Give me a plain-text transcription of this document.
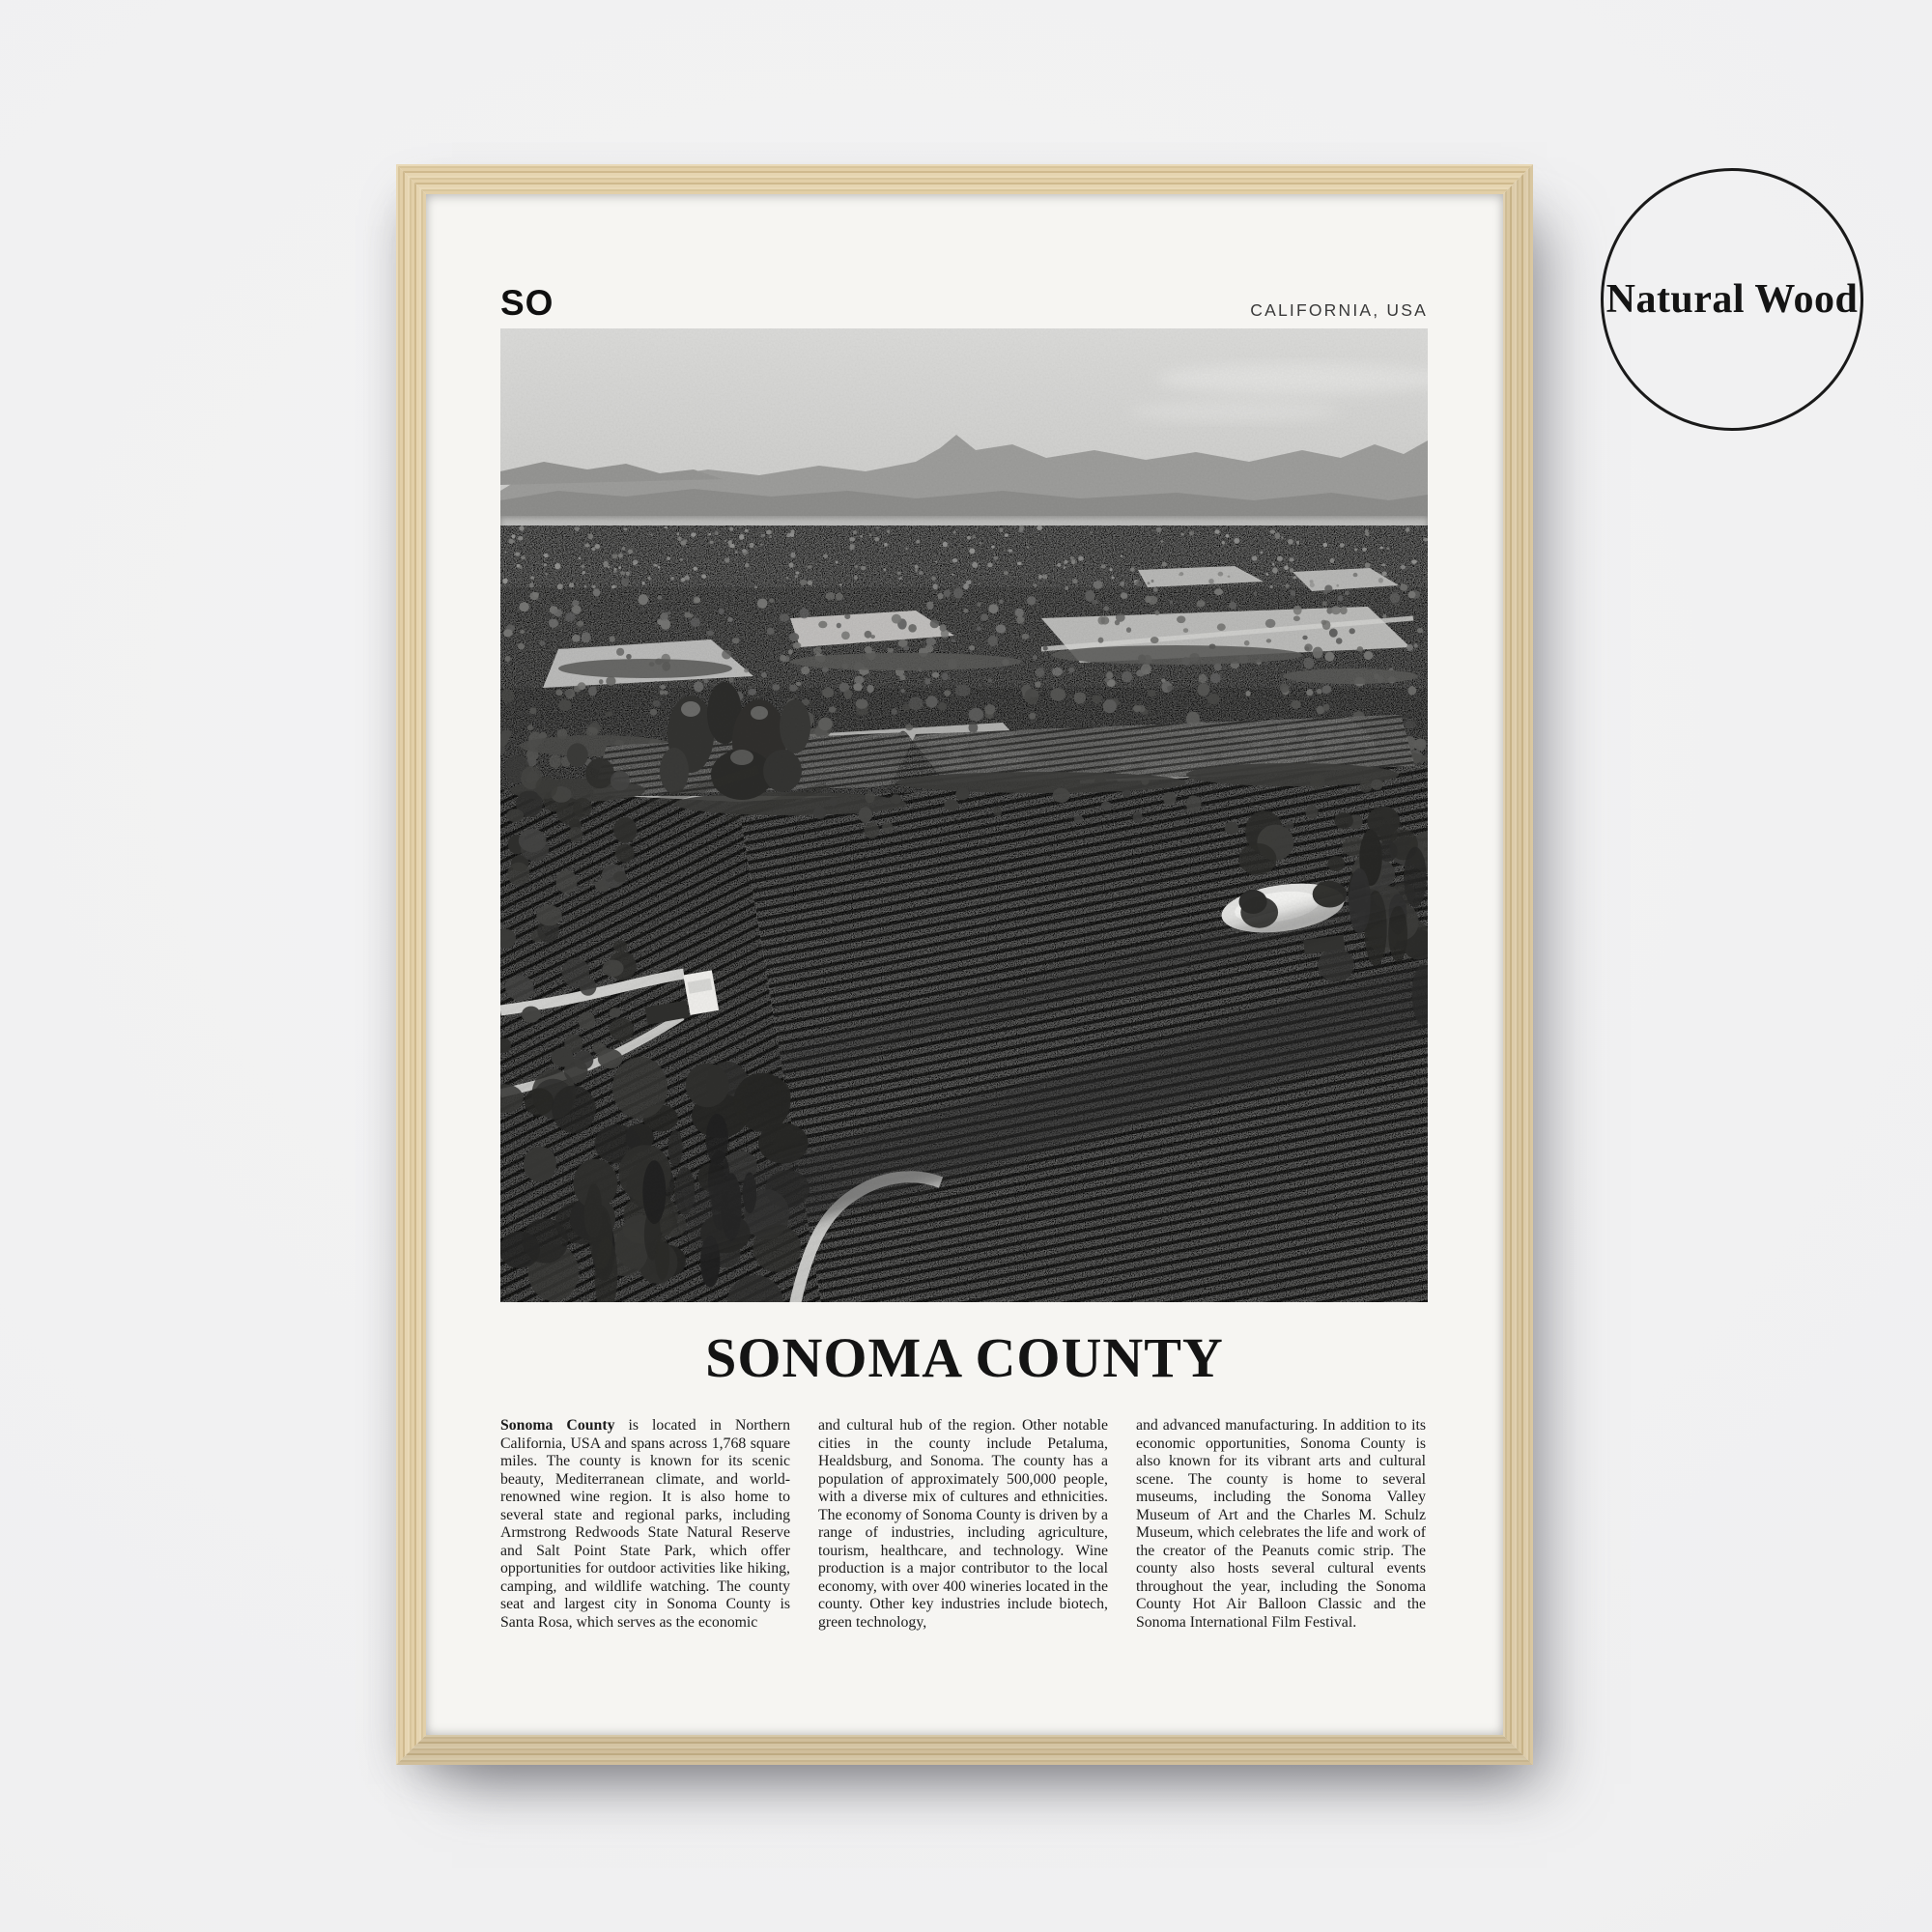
SO	CALIFORNIA, USA
SONOMA COUNTY
Sonoma County is located in Northern California, USA and spans across 1,768 square miles. The county is known for its scenic beauty, Mediterranean climate, and world-renowned wine region. It is also home to several state and regional parks, including Armstrong Redwoods State Natural Reserve and Salt Point State Park, which offer opportunities for outdoor activities like hiking, camping, and wildlife watching. The county seat and largest city in Sonoma County is Santa Rosa, which serves as the economic
and cultural hub of the region. Other notable cities in the county include Petaluma, Healdsburg, and Sonoma. The county has a population of approximately 500,000 people, with a diverse mix of cultures and ethnicities. The economy of Sonoma County is driven by a range of industries, including agriculture, tourism, healthcare, and technology. Wine production is a major contributor to the local economy, with over 400 wineries located in the county. Other key industries include biotech, green technology,
and advanced manufacturing. In addition to its economic opportunities, Sonoma County is also known for its vibrant arts and cultural scene. The county is home to several museums, including the Sonoma Valley Museum of Art and the Charles M. Schulz Museum, which celebrates the life and work of the creator of the Peanuts comic strip. The county also hosts several cultural events throughout the year, including the Sonoma County Hot Air Balloon Classic and the Sonoma International Film Festival.
Natural Wood
